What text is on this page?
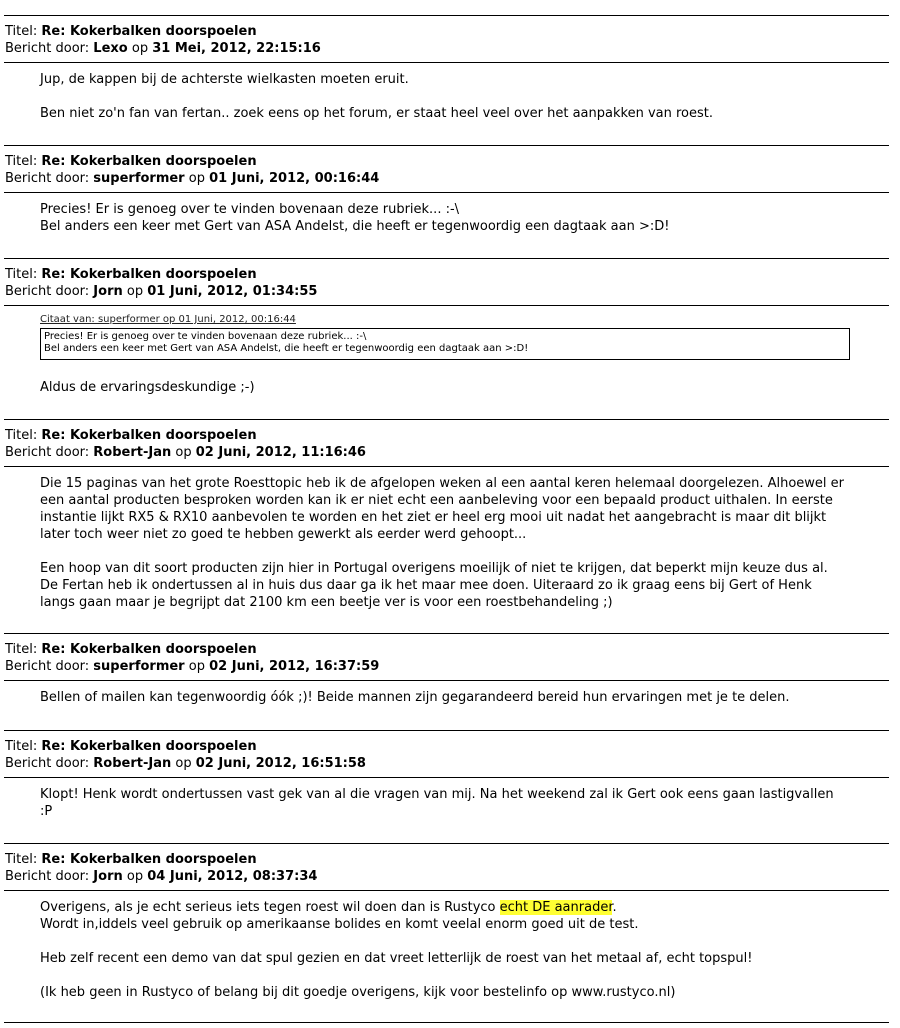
Titel: Re: Kokerbalken doorspoelen
Bericht door: Lexo op 31 Mei, 2012, 22:15:16

Jup, de kappen bij de achterste wielkasten moeten eruit.

Ben niet zo'n fan van fertan.. zoek eens op het forum, er staat heel veel over het aanpakken van roest.

Titel: Re: Kokerbalken doorspoelen
Bericht door: superformer op 01 Juni, 2012, 00:16:44

Precies! Er is genoeg over te vinden bovenaan deze rubriek... :-\

Bel anders een keer met Gert van ASA Andelst, die heeft er tegenwoordig een dagtaak aan >:D!

Titel: Re: Kokerbalken doorspoelen
Bericht door: Jorn op 01 Juni, 2012, 01:34:55
Citaat van: superformer op 01 Juni, 2012, 00:16:44
Precies! Er is genoeg over te vinden bovenaan deze rubriek... :-\
Bel anders een keer met Gert van ASA Andelst, die heeft er tegenwoordig een dagtaak aan >:D!

Aldus de ervaringsdeskundige ;-)

Titel: Re: Kokerbalken doorspoelen
Bericht door: Robert-Jan op 02 Juni, 2012, 11:16:46

Die 15 paginas van het grote Roesttopic heb ik de afgelopen weken al een aantal keren helemaal doorgelezen. Alhoewel er

een aantal producten besproken worden kan ik er niet echt een aanbeleving voor een bepaald product uithalen. In eerste

instantie lijkt RX5 & RX10 aanbevolen te worden en het ziet er heel erg mooi uit nadat het aangebracht is maar dit blijkt

later toch weer niet zo goed te hebben gewerkt als eerder werd gehoopt...

Een hoop van dit soort producten zijn hier in Portugal overigens moeilijk of niet te krijgen, dat beperkt mijn keuze dus al.

De Fertan heb ik ondertussen al in huis dus daar ga ik het maar mee doen. Uiteraard zo ik graag eens bij Gert of Henk

langs gaan maar je begrijpt dat 2100 km een beetje ver is voor een roestbehandeling ;)

Titel: Re: Kokerbalken doorspoelen
Bericht door: superformer op 02 Juni, 2012, 16:37:59

Bellen of mailen kan tegenwoordig óók ;)! Beide mannen zijn gegarandeerd bereid hun ervaringen met je te delen.

Titel: Re: Kokerbalken doorspoelen
Bericht door: Robert-Jan op 02 Juni, 2012, 16:51:58

Klopt! Henk wordt ondertussen vast gek van al die vragen van mij. Na het weekend zal ik Gert ook eens gaan lastigvallen

:P

Titel: Re: Kokerbalken doorspoelen
Bericht door: Jorn op 04 Juni, 2012, 08:37:34

Overigens, als je echt serieus iets tegen roest wil doen dan is Rustyco echt DE aanrader.

Wordt in,iddels veel gebruik op amerikaanse bolides en komt veelal enorm goed uit de test.

Heb zelf recent een demo van dat spul gezien en dat vreet letterlijk de roest van het metaal af, echt topspul!

(Ik heb geen in Rustyco of belang bij dit goedje overigens, kijk voor bestelinfo op www.rustyco.nl)
